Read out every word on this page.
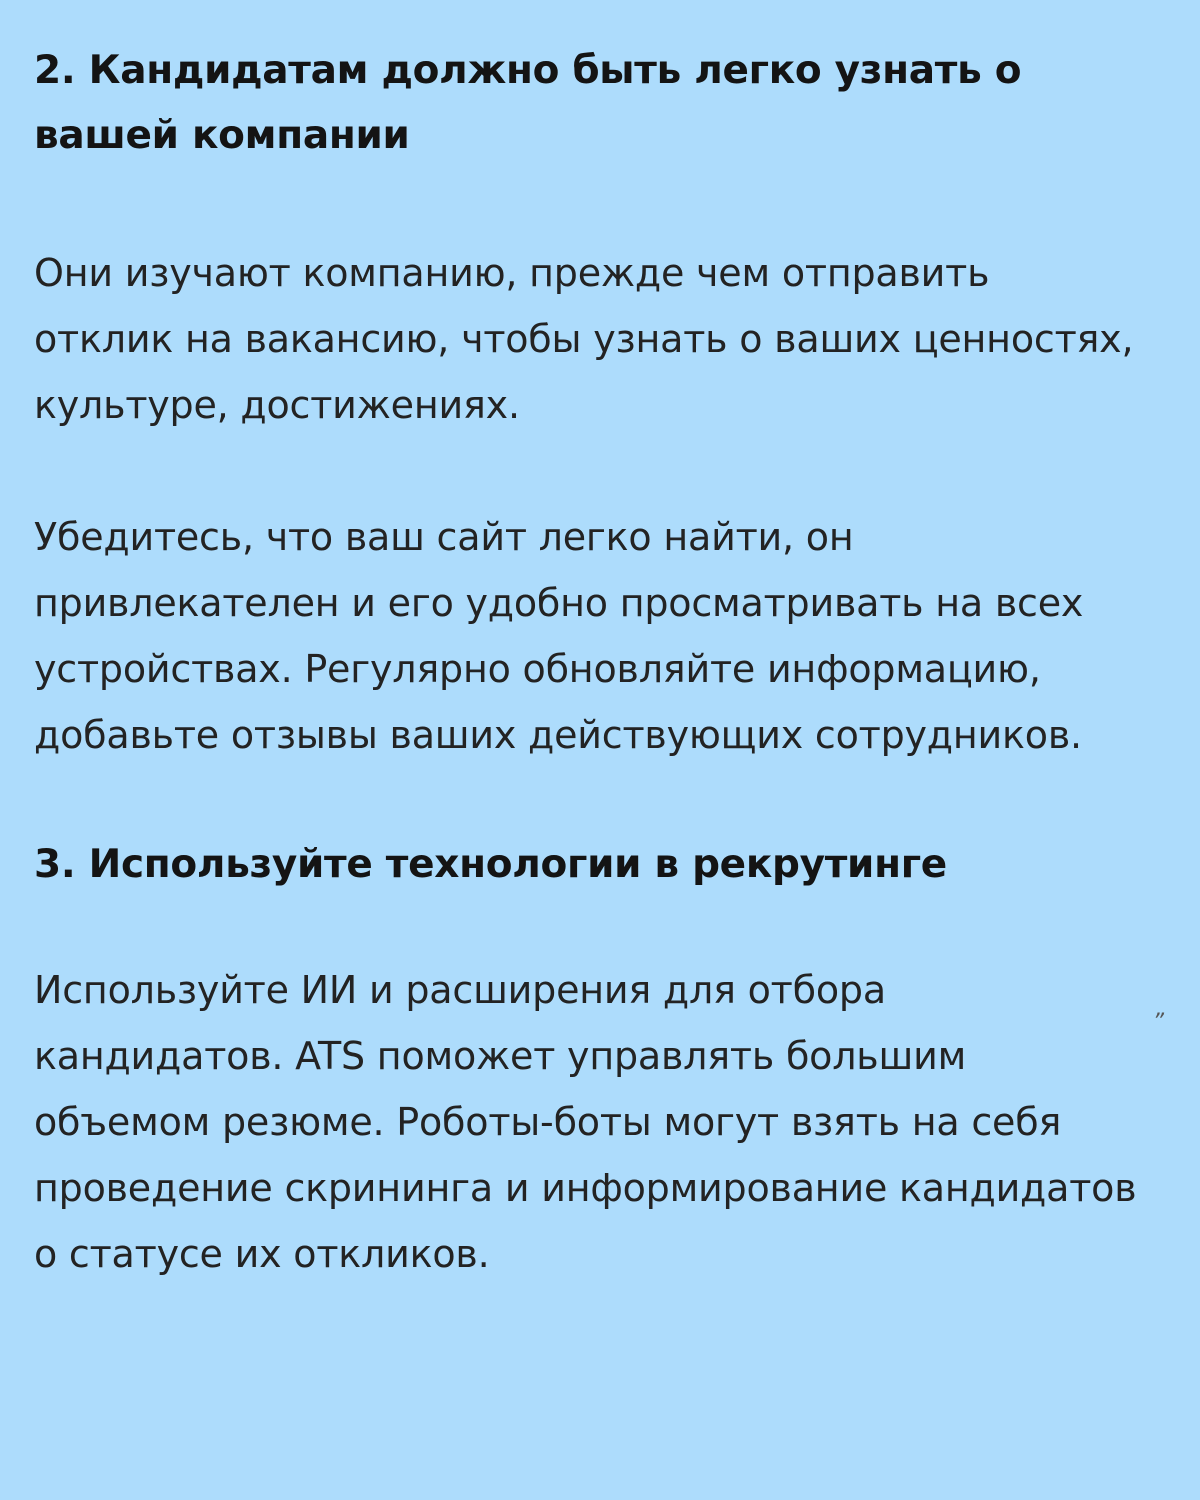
2. Кандидатам должно быть легко узнать о вашей компании

Они изучают компанию, прежде чем отправить отклик на вакансию, чтобы узнать о ваших ценностях, культуре, достижениях.

Убедитесь, что ваш сайт легко найти, он привлекателен и его удобно просматривать на всех устройствах. Регулярно обновляйте информацию, добавьте отзывы ваших действующих сотрудников.

3. Используйте технологии в рекрутинге

Используйте ИИ и расширения для отбора кандидатов. ATS поможет управлять большим объемом резюме. Роботы-боты могут взять на себя проведение скрининга и информирование кандидатов о статусе их откликов.

”
